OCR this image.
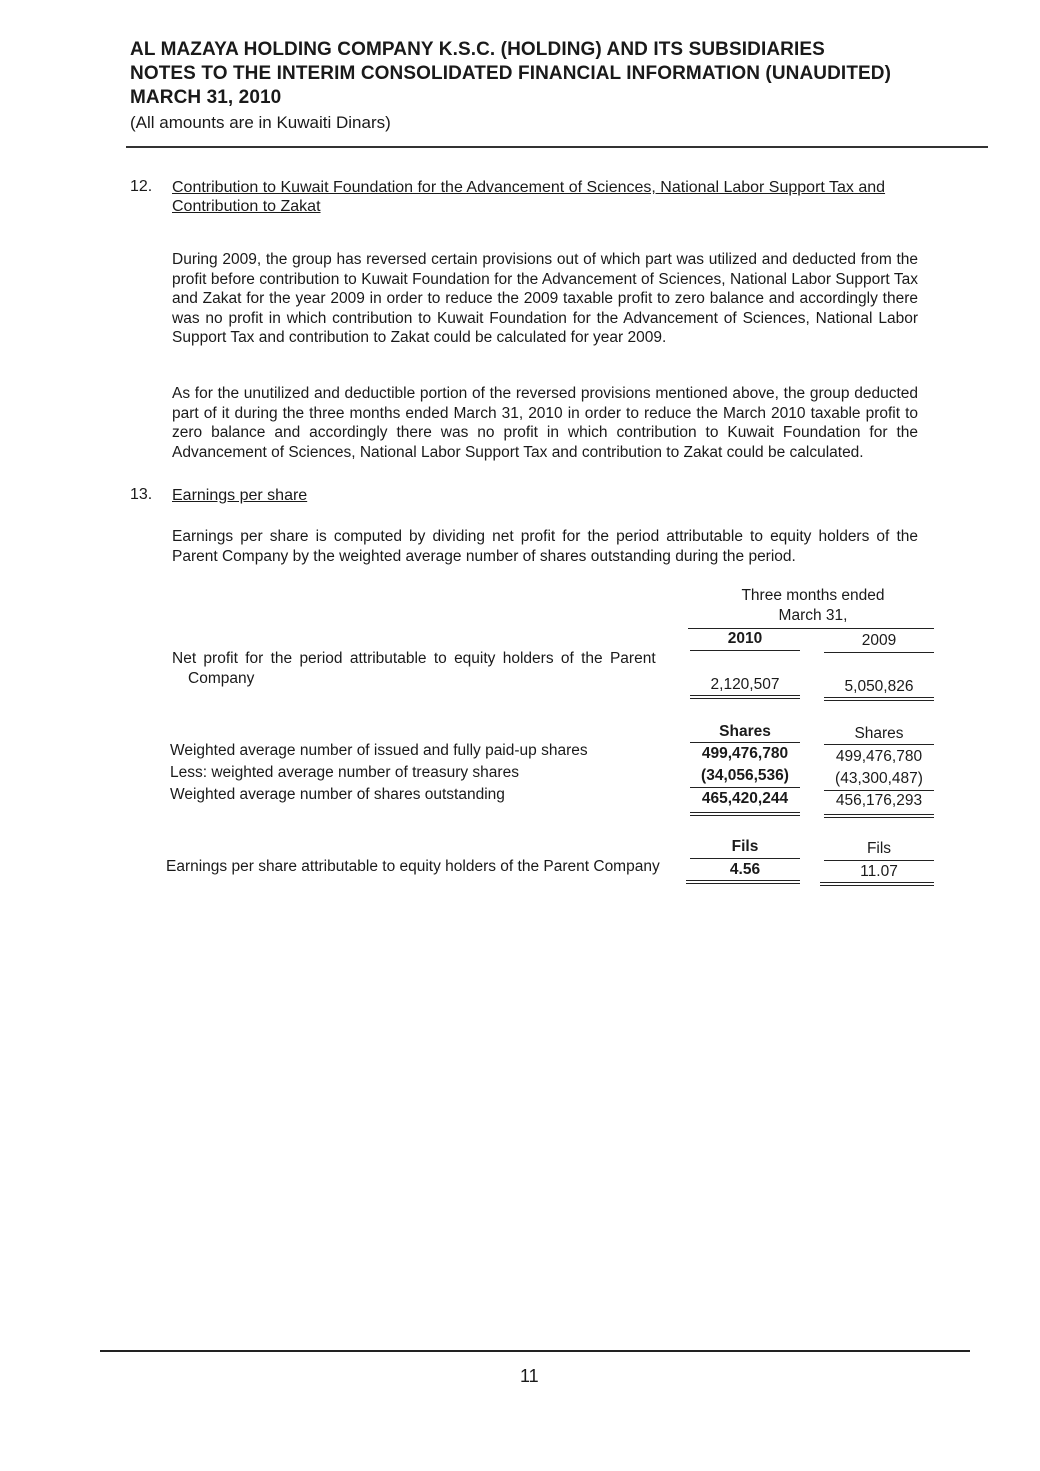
AL MAZAYA HOLDING COMPANY K.S.C. (HOLDING) AND ITS SUBSIDIARIES
NOTES TO THE INTERIM CONSOLIDATED FINANCIAL INFORMATION (UNAUDITED)
MARCH 31, 2010
(All amounts are in Kuwaiti Dinars)
12. Contribution to Kuwait Foundation for the Advancement of Sciences, National Labor Support Tax and
Contribution to Zakat
During 2009, the group has reversed certain provisions out of which part was utilized and deducted from the profit before contribution to Kuwait Foundation for the Advancement of Sciences, National Labor Support Tax and Zakat for the year 2009 in order to reduce the 2009 taxable profit to zero balance and accordingly there was no profit in which contribution to Kuwait Foundation for the Advancement of Sciences, National Labor Support Tax and contribution to Zakat could be calculated for year 2009.
As for the unutilized and deductible portion of the reversed provisions mentioned above, the group deducted part of it during the three months ended March 31, 2010 in order to reduce the March 2010 taxable profit to zero balance and accordingly there was no profit in which contribution to Kuwait Foundation for the Advancement of Sciences, National Labor Support Tax and contribution to Zakat could be calculated.
13. Earnings per share
Earnings per share is computed by dividing net profit for the period attributable to equity holders of the Parent Company by the weighted average number of shares outstanding during the period.
Three months ended
March 31,
2010	2009
Net profit for the period attributable to equity holders of the Parent
Company	2,120,507	5,050,826
Shares	Shares
Weighted average number of issued and fully paid-up shares	499,476,780	499,476,780
Less: weighted average number of treasury shares	(34,056,536)	(43,300,487)
Weighted average number of shares outstanding	465,420,244	456,176,293
Fils	Fils
Earnings per share attributable to equity holders of the Parent Company	4.56	11.07
11
